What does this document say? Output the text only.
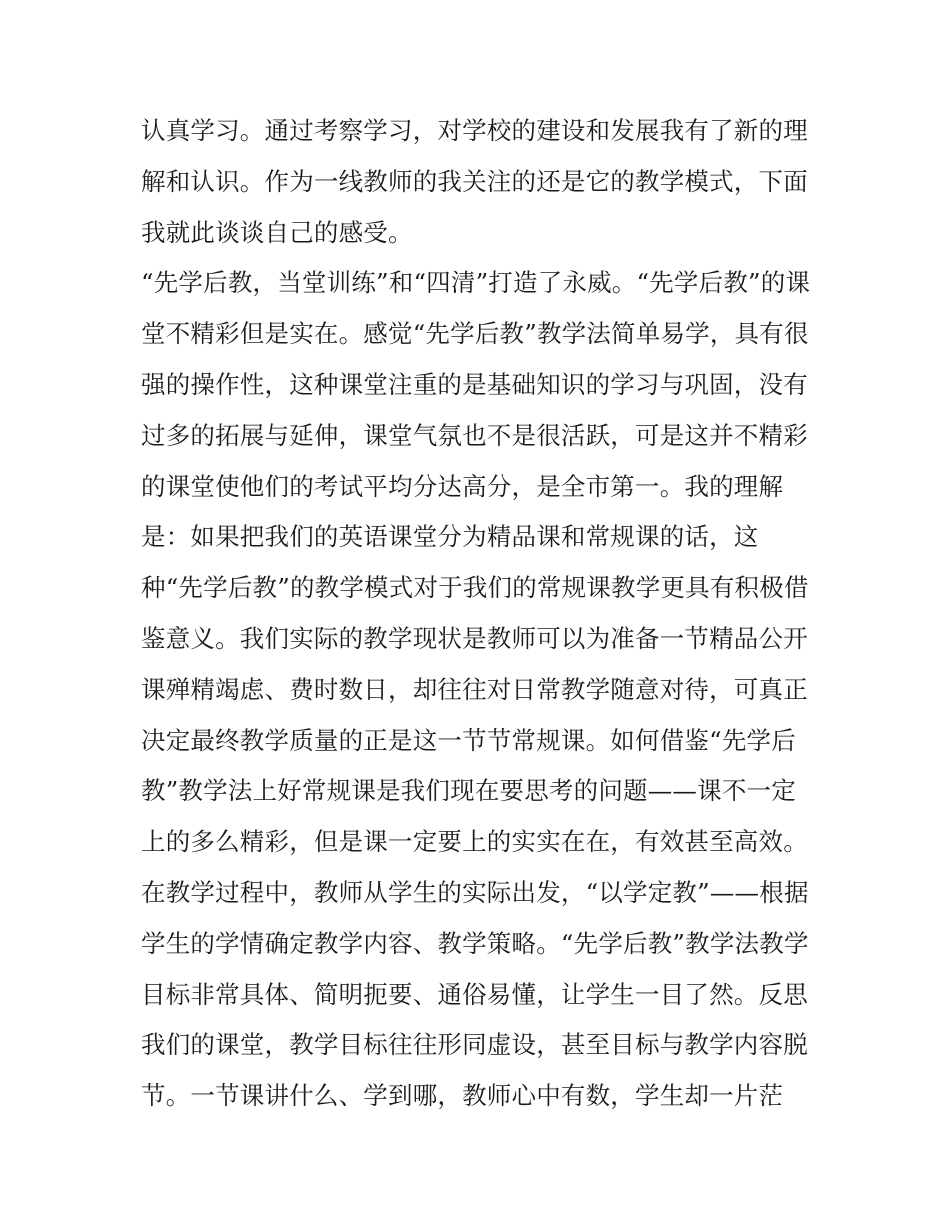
认真学习。通过考察学习，对学校的建设和发展我有了新的理
解和认识。作为一线教师的我关注的还是它的教学模式，下面
我就此谈谈自己的感受。
“先学后教，当堂训练”和“四清”打造了永威。“先学后教”的课
堂不精彩但是实在。感觉“先学后教”教学法简单易学，具有很
强的操作性，这种课堂注重的是基础知识的学习与巩固，没有
过多的拓展与延伸，课堂气氛也不是很活跃，可是这并不精彩
的课堂使他们的考试平均分达高分，是全市第一。我的理解
是：如果把我们的英语课堂分为精品课和常规课的话，这
种“先学后教”的教学模式对于我们的常规课教学更具有积极借
鉴意义。我们实际的教学现状是教师可以为准备一节精品公开
课殚精竭虑、费时数日，却往往对日常教学随意对待，可真正
决定最终教学质量的正是这一节节常规课。如何借鉴“先学后
教”教学法上好常规课是我们现在要思考的问题——课不一定
上的多么精彩，但是课一定要上的实实在在，有效甚至高效。
在教学过程中，教师从学生的实际出发，“以学定教”——根据
学生的学情确定教学内容、教学策略。“先学后教”教学法教学
目标非常具体、简明扼要、通俗易懂，让学生一目了然。反思
我们的课堂，教学目标往往形同虚设，甚至目标与教学内容脱
节。一节课讲什么、学到哪，教师心中有数，学生却一片茫
